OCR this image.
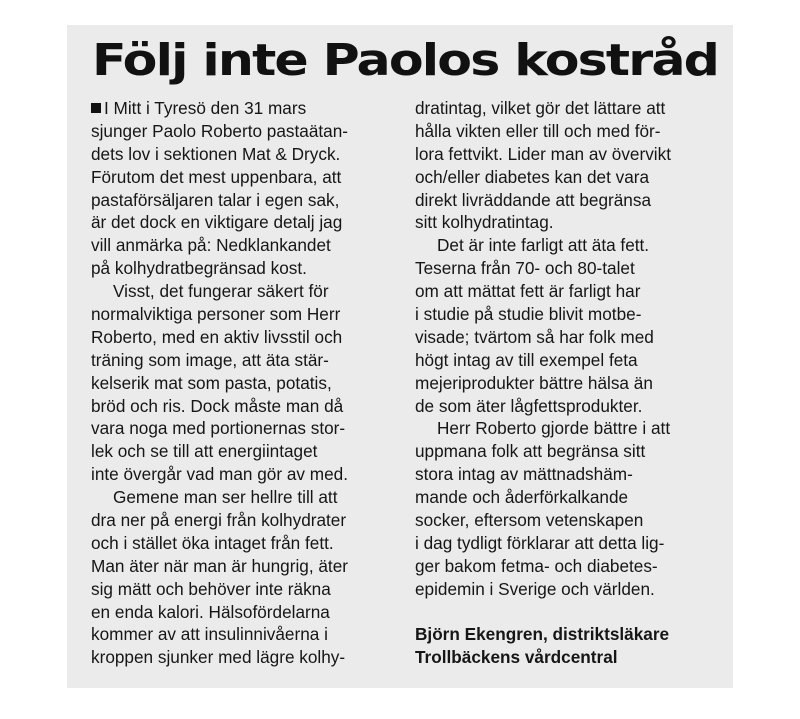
Följ inte Paolos kostråd
I Mitt i Tyresö den 31 mars
sjunger Paolo Roberto pastaätan-
dets lov i sektionen Mat & Dryck.
Förutom det mest uppenbara, att
pastaförsäljaren talar i egen sak,
är det dock en viktigare detalj jag
vill anmärka på: Nedklankandet
på kolhydratbegränsad kost.
Visst, det fungerar säkert för
normalviktiga personer som Herr
Roberto, med en aktiv livsstil och
träning som image, att äta stär-
kelserik mat som pasta, potatis,
bröd och ris. Dock måste man då
vara noga med portionernas stor-
lek och se till att energiintaget
inte övergår vad man gör av med.
Gemene man ser hellre till att
dra ner på energi från kolhydrater
och i stället öka intaget från fett.
Man äter när man är hungrig, äter
sig mätt och behöver inte räkna
en enda kalori. Hälsofördelarna
kommer av att insulinnivåerna i
kroppen sjunker med lägre kolhy-
dratintag, vilket gör det lättare att
hålla vikten eller till och med för-
lora fettvikt. Lider man av övervikt
och/eller diabetes kan det vara
direkt livräddande att begränsa
sitt kolhydratintag.
Det är inte farligt att äta fett.
Teserna från 70- och 80-talet
om att mättat fett är farligt har
i studie på studie blivit motbe-
visade; tvärtom så har folk med
högt intag av till exempel feta
mejeriprodukter bättre hälsa än
de som äter lågfettsprodukter.
Herr Roberto gjorde bättre i att
uppmana folk att begränsa sitt
stora intag av mättnadshäm-
mande och åderförkalkande
socker, eftersom vetenskapen
i dag tydligt förklarar att detta lig-
ger bakom fetma- och diabetes-
epidemin i Sverige och världen.
Björn Ekengren, distriktsläkare
Trollbäckens vårdcentral
